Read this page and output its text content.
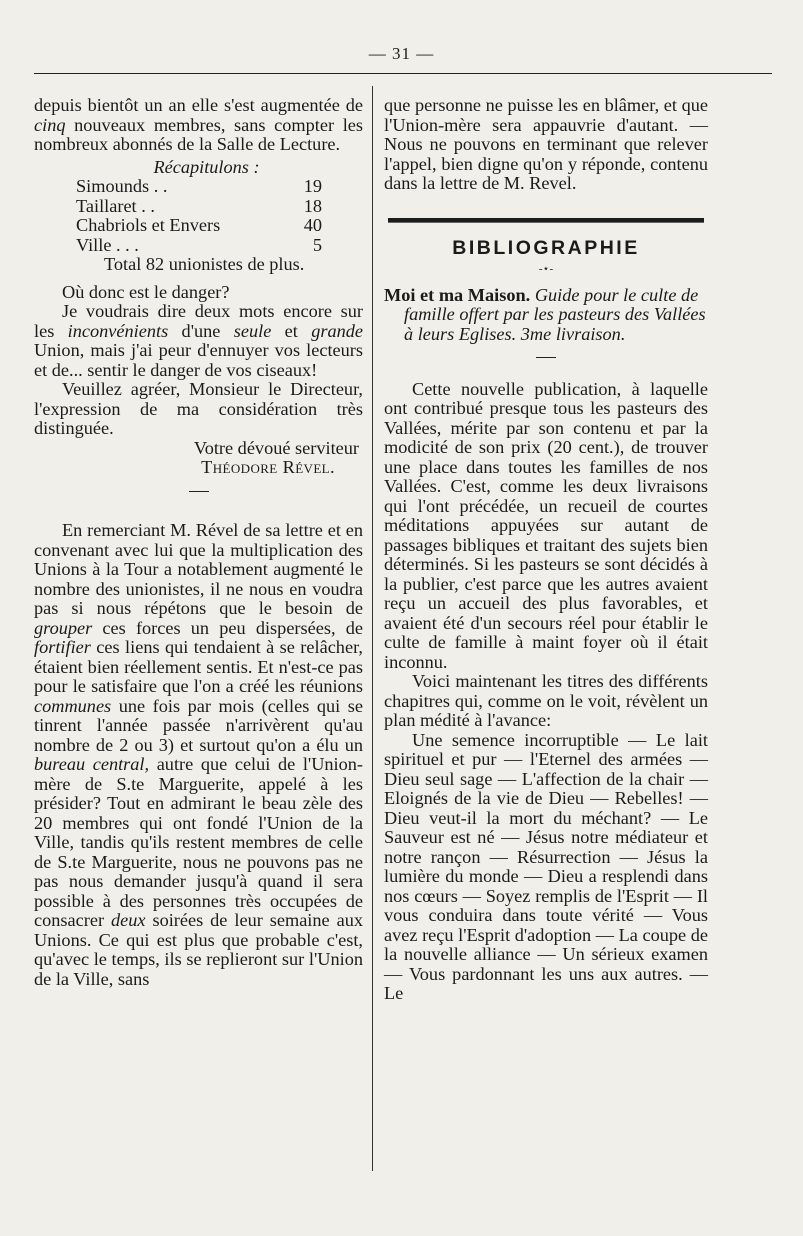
— 31 —

depuis bientôt un an elle s'est augmentée de cinq nouveaux membres, sans compter les nombreux abonnés de la Salle de Lecture.

Récapitulons :
Simounds . .	19
Taillaret . .	18
Chabriols et Envers	40
Ville . . .	5
Total 82 unionistes de plus.

Où donc est le danger?

Je voudrais dire deux mots encore sur les inconvénients d'une seule et grande Union, mais j'ai peur d'ennuyer vos lecteurs et de... sentir le danger de vos ciseaux!

Veuillez agréer, Monsieur le Directeur, l'expression de ma considération très distinguée.

Votre dévoué serviteur
Théodore Rével.

En remerciant M. Rével de sa lettre et en convenant avec lui que la multiplication des Unions à la Tour a notablement augmenté le nombre des unionistes, il ne nous en voudra pas si nous répétons que le besoin de grouper ces forces un peu dispersées, de fortifier ces liens qui tendaient à se relâcher, étaient bien réellement sentis. Et n'est-ce pas pour le satisfaire que l'on a créé les réunions communes une fois par mois (celles qui se tinrent l'année passée n'arrivèrent qu'au nombre de 2 ou 3) et surtout qu'on a élu un bureau central, autre que celui de l'Union-mère de S.te Marguerite, appelé à les présider? Tout en admirant le beau zèle des 20 membres qui ont fondé l'Union de la Ville, tandis qu'ils restent membres de celle de S.te Marguerite, nous ne pouvons pas ne pas nous demander jusqu'à quand il sera possible à des personnes très occupées de consacrer deux soirées de leur semaine aux Unions. Ce qui est plus que probable c'est, qu'avec le temps, ils se replieront sur l'Union de la Ville, sans

que personne ne puisse les en blâmer, et que l'Union-mère sera appauvrie d'autant. — Nous ne pouvons en terminant que relever l'appel, bien digne qu'on y réponde, contenu dans la lettre de M. Revel.

BIBLIOGRAPHIE
-⋆-

Moi et ma Maison. Guide pour le culte de famille offert par les pasteurs des Vallées à leurs Eglises. 3me livraison.

Cette nouvelle publication, à laquelle ont contribué presque tous les pasteurs des Vallées, mérite par son contenu et par la modicité de son prix (20 cent.), de trouver une place dans toutes les familles de nos Vallées. C'est, comme les deux livraisons qui l'ont précédée, un recueil de courtes méditations appuyées sur autant de passages bibliques et traitant des sujets bien déterminés. Si les pasteurs se sont décidés à la publier, c'est parce que les autres avaient reçu un accueil des plus favorables, et avaient été d'un secours réel pour établir le culte de famille à maint foyer où il était inconnu.

Voici maintenant les titres des différents chapitres qui, comme on le voit, révèlent un plan médité à l'avance:

Une semence incorruptible — Le lait spirituel et pur — l'Eternel des armées — Dieu seul sage — L'affection de la chair — Eloignés de la vie de Dieu — Rebelles! — Dieu veut-il la mort du méchant? — Le Sauveur est né — Jésus notre médiateur et notre rançon — Résurrection — Jésus la lumière du monde — Dieu a resplendi dans nos cœurs — Soyez remplis de l'Esprit — Il vous conduira dans toute vérité — Vous avez reçu l'Esprit d'adoption — La coupe de la nouvelle alliance — Un sérieux examen — Vous pardonnant les uns aux autres. — Le
